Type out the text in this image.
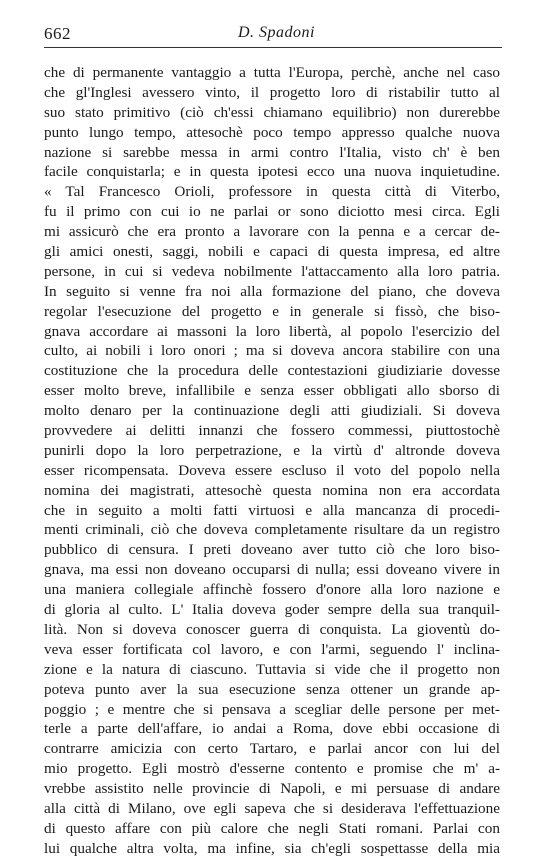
662	D. Spadoni
che di permanente vantaggio a tutta l'Europa, perchè, anche nel caso
che gl'Inglesi avessero vinto, il progetto loro di ristabilir tutto al
suo stato primitivo (ciò ch'essi chiamano equilibrio) non durerebbe
punto lungo tempo, attesochè poco tempo appresso qualche nuova
nazione si sarebbe messa in armi contro l'Italia, visto ch' è ben
facile conquistarla; e in questa ipotesi ecco una nuova inquietudine.
« Tal Francesco Orioli, professore in questa città di Viterbo,
fu il primo con cui io ne parlai or sono diciotto mesi circa. Egli
mi assicurò che era pronto a lavorare con la penna e a cercar de-
gli amici onesti, saggi, nobili e capaci di questa impresa, ed altre
persone, in cui si vedeva nobilmente l'attaccamento alla loro patria.
In seguito si venne fra noi alla formazione del piano, che doveva
regolar l'esecuzione del progetto e in generale si fissò, che biso-
gnava accordare ai massoni la loro libertà, al popolo l'esercizio del
culto, ai nobili i loro onori ; ma si doveva ancora stabilire con una
costituzione che la procedura delle contestazioni giudiziarie dovesse
esser molto breve, infallibile e senza esser obbligati allo sborso di
molto denaro per la continuazione degli atti giudiziali. Si doveva
provvedere ai delitti innanzi che fossero commessi, piuttostochè
punirli dopo la loro perpetrazione, e la virtù d' altronde doveva
esser ricompensata. Doveva essere escluso il voto del popolo nella
nomina dei magistrati, attesochè questa nomina non era accordata
che in seguito a molti fatti virtuosi e alla mancanza di procedi-
menti criminali, ciò che doveva completamente risultare da un registro
pubblico di censura. I preti doveano aver tutto ciò che loro biso-
gnava, ma essi non doveano occuparsi di nulla; essi doveano vivere in
una maniera collegiale affinchè fossero d'onore alla loro nazione e
di gloria al culto. L' Italia doveva goder sempre della sua tranquil-
lità. Non si doveva conoscer guerra di conquista. La gioventù do-
veva esser fortificata col lavoro, e con l'armi, seguendo l' inclina-
zione e la natura di ciascuno. Tuttavia si vide che il progetto non
poteva punto aver la sua esecuzione senza ottener un grande ap-
poggio ; e mentre che si pensava a scegliar delle persone per met-
terle a parte dell'affare, io andai a Roma, dove ebbi occasione di
contrarre amicizia con certo Tartaro, e parlai ancor con lui del
mio progetto. Egli mostrò d'esserne contento e promise che m' a-
vrebbe assistito nelle provincie di Napoli, e mi persuase di andare
alla città di Milano, ove egli sapeva che si desiderava l'effettuazione
di questo affare con più calore che negli Stati romani. Parlai con
lui qualche altra volta, ma infine, sia ch'egli sospettasse della mia
